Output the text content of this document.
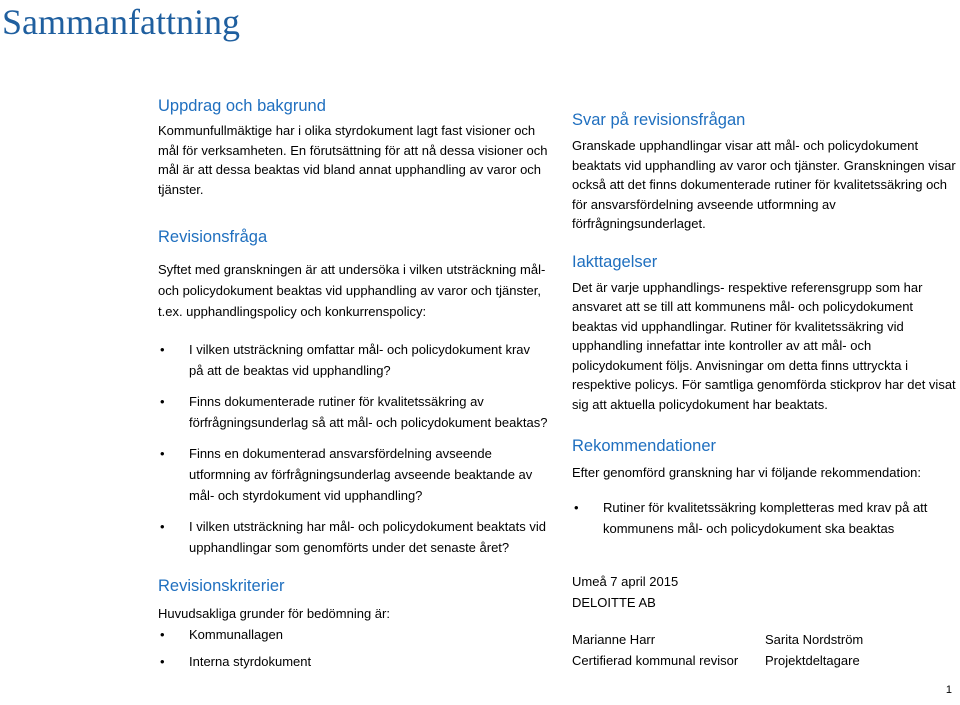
Sammanfattning
Uppdrag och bakgrund

Kommunfullmäktige har i olika styrdokument lagt fast visioner och mål för verksamheten. En förutsättning för att nå dessa visioner och mål är att dessa beaktas vid bland annat upphandling av varor och tjänster.

Revisionsfråga

Syftet med granskningen är att undersöka i vilken utsträckning mål- och policydokument beaktas vid upphandling av varor och tjänster, t.ex. upphandlingspolicy och konkurrenspolicy:

• I vilken utsträckning omfattar mål- och policydokument krav på att de beaktas vid upphandling?
• Finns dokumenterade rutiner för kvalitetssäkring av förfrågningsunderlag så att mål- och policydokument beaktas?
• Finns en dokumenterad ansvarsfördelning avseende utformning av förfrågningsunderlag avseende beaktande av mål- och styrdokument vid upphandling?
• I vilken utsträckning har mål- och policydokument beaktats vid upphandlingar som genomförts under det senaste året?
Revisionskriterier

Huvudsakliga grunder för bedömning är:

• Kommunallagen
• Interna styrdokument
Svar på revisionsfrågan

Granskade upphandlingar visar att mål- och policydokument beaktats vid upphandling av varor och tjänster. Granskningen visar också att det finns dokumenterade rutiner för kvalitetssäkring och för ansvarsfördelning avseende utformning av förfrågningsunderlaget.

Iakttagelser

Det är varje upphandlings- respektive referensgrupp som har ansvaret att se till att kommunens mål- och policydokument beaktas vid upphandlingar. Rutiner för kvalitetssäkring vid upphandling innefattar inte kontroller av att mål- och policydokument följs. Anvisningar om detta finns uttryckta i respektive policys. För samtliga genomförda stickprov har det visat sig att aktuella policydokument har beaktats.

Rekommendationer

Efter genomförd granskning har vi följande rekommendation:

• Rutiner för kvalitetssäkring kompletteras med krav på att kommunens mål- och policydokument ska beaktas

Umeå 7 april 2015

DELOITTE AB

Marianne Harr	Sarita Nordström

Certifierad kommunal revisor	Projektdeltagare

1
